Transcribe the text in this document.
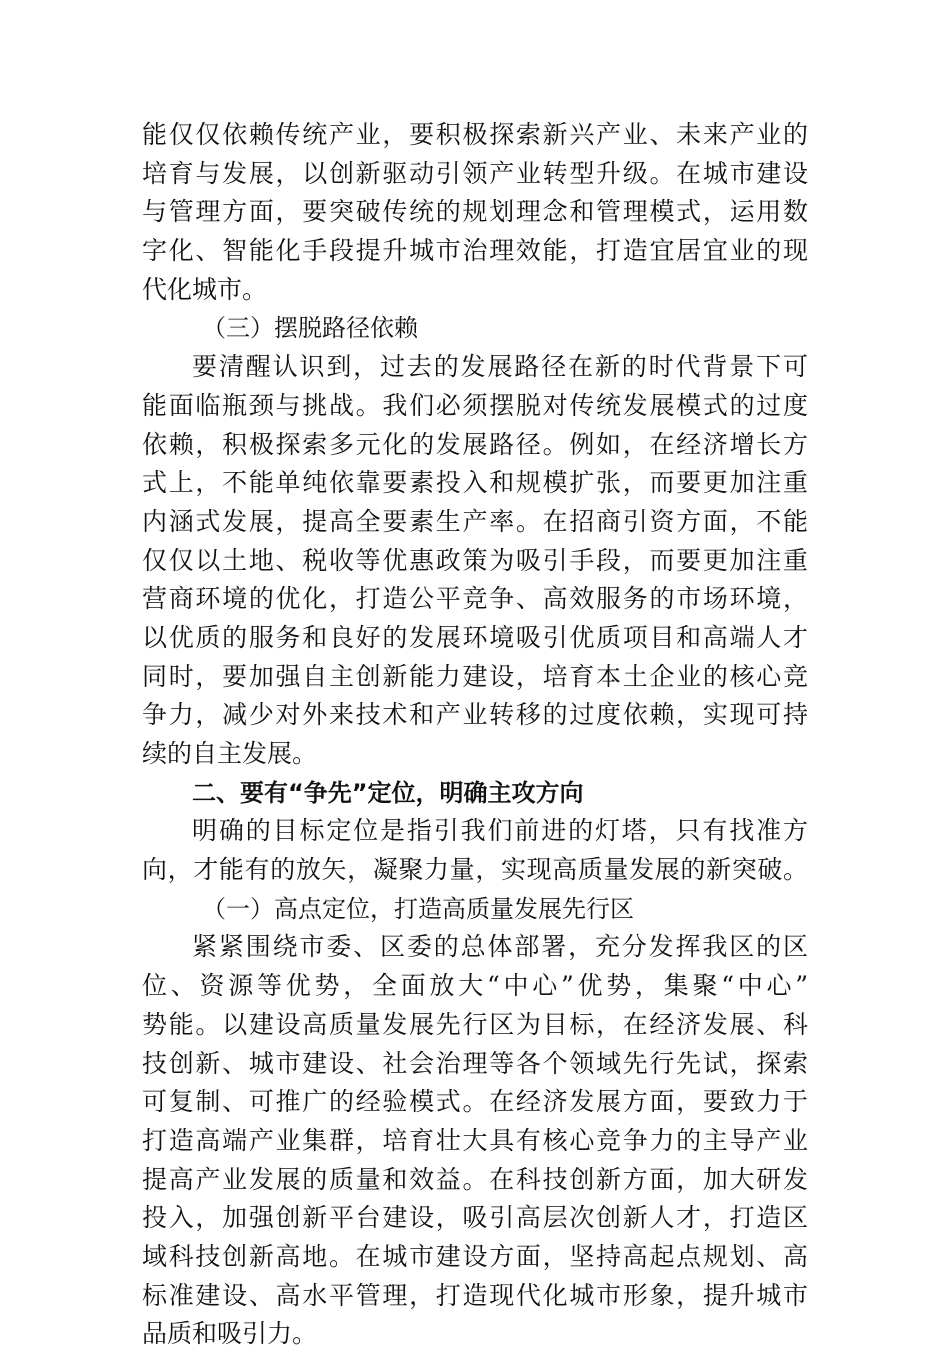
能仅仅依赖传统产业，要积极探索新兴产业、未来产业的
培育与发展，以创新驱动引领产业转型升级。在城市建设
与管理方面，要突破传统的规划理念和管理模式，运用数
字化、智能化手段提升城市治理效能，打造宜居宜业的现
代化城市。
（三）摆脱路径依赖
要清醒认识到，过去的发展路径在新的时代背景下可
能面临瓶颈与挑战。我们必须摆脱对传统发展模式的过度
依赖，积极探索多元化的发展路径。例如，在经济增长方
式上，不能单纯依靠要素投入和规模扩张，而要更加注重
内涵式发展，提高全要素生产率。在招商引资方面，不能
仅仅以土地、税收等优惠政策为吸引手段，而要更加注重
营商环境的优化，打造公平竞争、高效服务的市场环境，
以优质的服务和良好的发展环境吸引优质项目和高端人才
同时，要加强自主创新能力建设，培育本土企业的核心竞
争力，减少对外来技术和产业转移的过度依赖，实现可持
续的自主发展。
二、要有“争先”定位，明确主攻方向
明确的目标定位是指引我们前进的灯塔，只有找准方
向，才能有的放矢，凝聚力量，实现高质量发展的新突破。
（一）高点定位，打造高质量发展先行区
紧紧围绕市委、区委的总体部署，充分发挥我区的区
位、资源等优势，全面放大“中心”优势，集聚“中心”
势能。以建设高质量发展先行区为目标，在经济发展、科
技创新、城市建设、社会治理等各个领域先行先试，探索
可复制、可推广的经验模式。在经济发展方面，要致力于
打造高端产业集群，培育壮大具有核心竞争力的主导产业
提高产业发展的质量和效益。在科技创新方面，加大研发
投入，加强创新平台建设，吸引高层次创新人才，打造区
域科技创新高地。在城市建设方面，坚持高起点规划、高
标准建设、高水平管理，打造现代化城市形象，提升城市
品质和吸引力。
